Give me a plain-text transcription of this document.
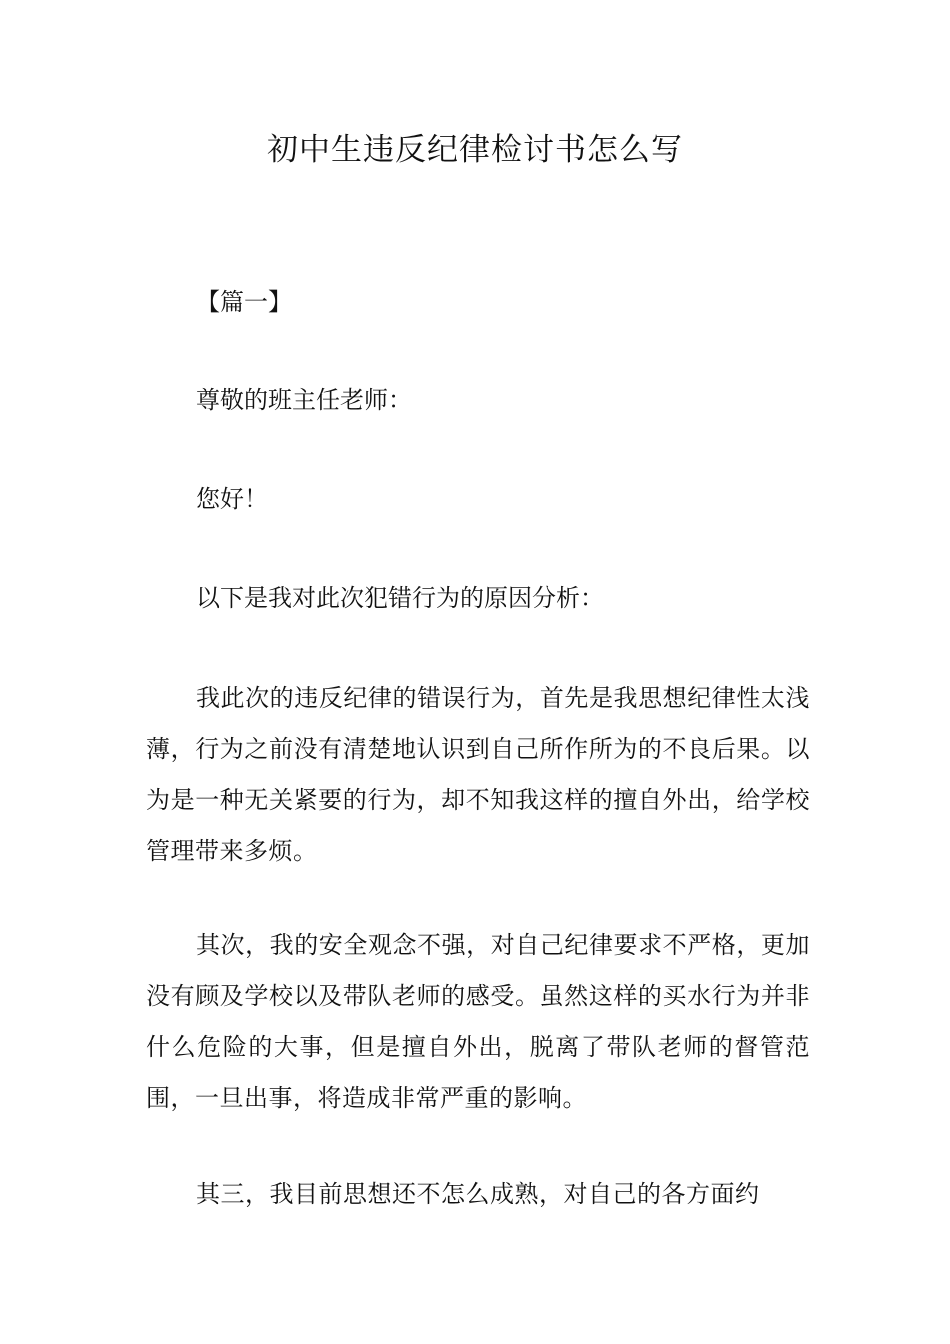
初中生违反纪律检讨书怎么写

【篇一】

尊敬的班主任老师：

您好！

以下是我对此次犯错行为的原因分析：

我此次的违反纪律的错误行为，首先是我思想纪律性太浅薄，行为之前没有清楚地认识到自己所作所为的不良后果。以为是一种无关紧要的行为，却不知我这样的擅自外出，给学校管理带来多烦。

其次，我的安全观念不强，对自己纪律要求不严格，更加没有顾及学校以及带队老师的感受。虽然这样的买水行为并非什么危险的大事，但是擅自外出，脱离了带队老师的督管范围，一旦出事，将造成非常严重的影响。

其三，我目前思想还不怎么成熟，对自己的各方面约
